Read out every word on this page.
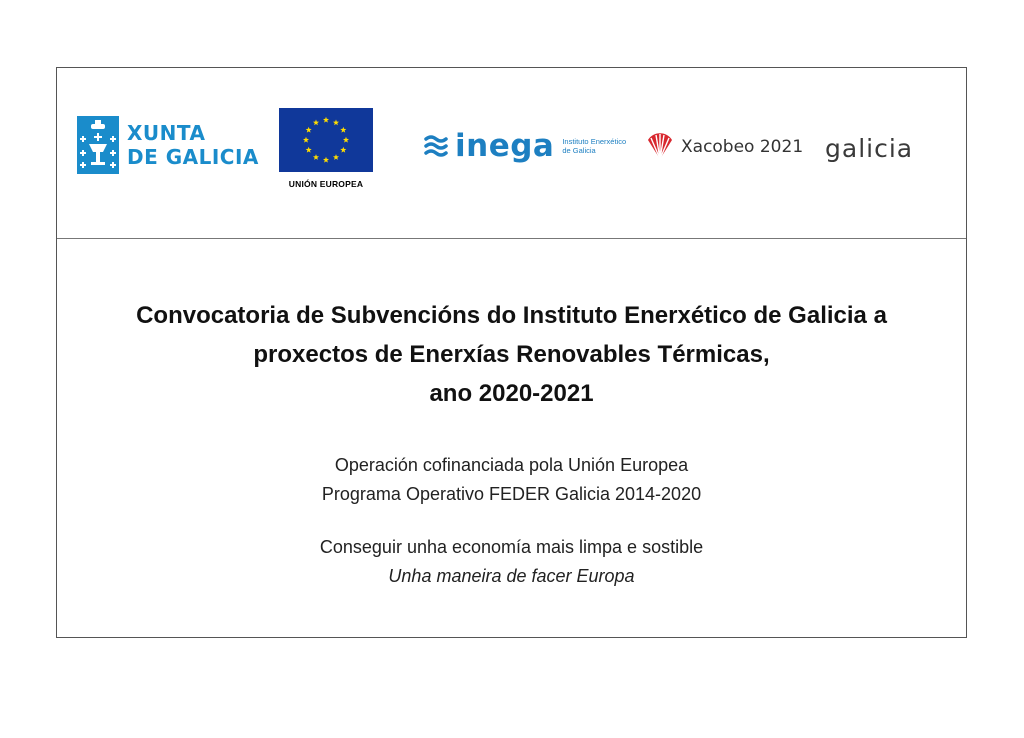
XUNTA
DE GALICIA
UNIÓN EUROPEA
inega Instituto Enerxético
de Galicia	Xacobeo 2021 galicia
Convocatoria de Subvencións do Instituto Enerxético de Galicia a
proxectos de Enerxías Renovables Térmicas,
ano 2020-2021
Operación cofinanciada pola Unión Europea
Programa Operativo FEDER Galicia 2014-2020
Conseguir unha economía mais limpa e sostible
Unha maneira de facer Europa
